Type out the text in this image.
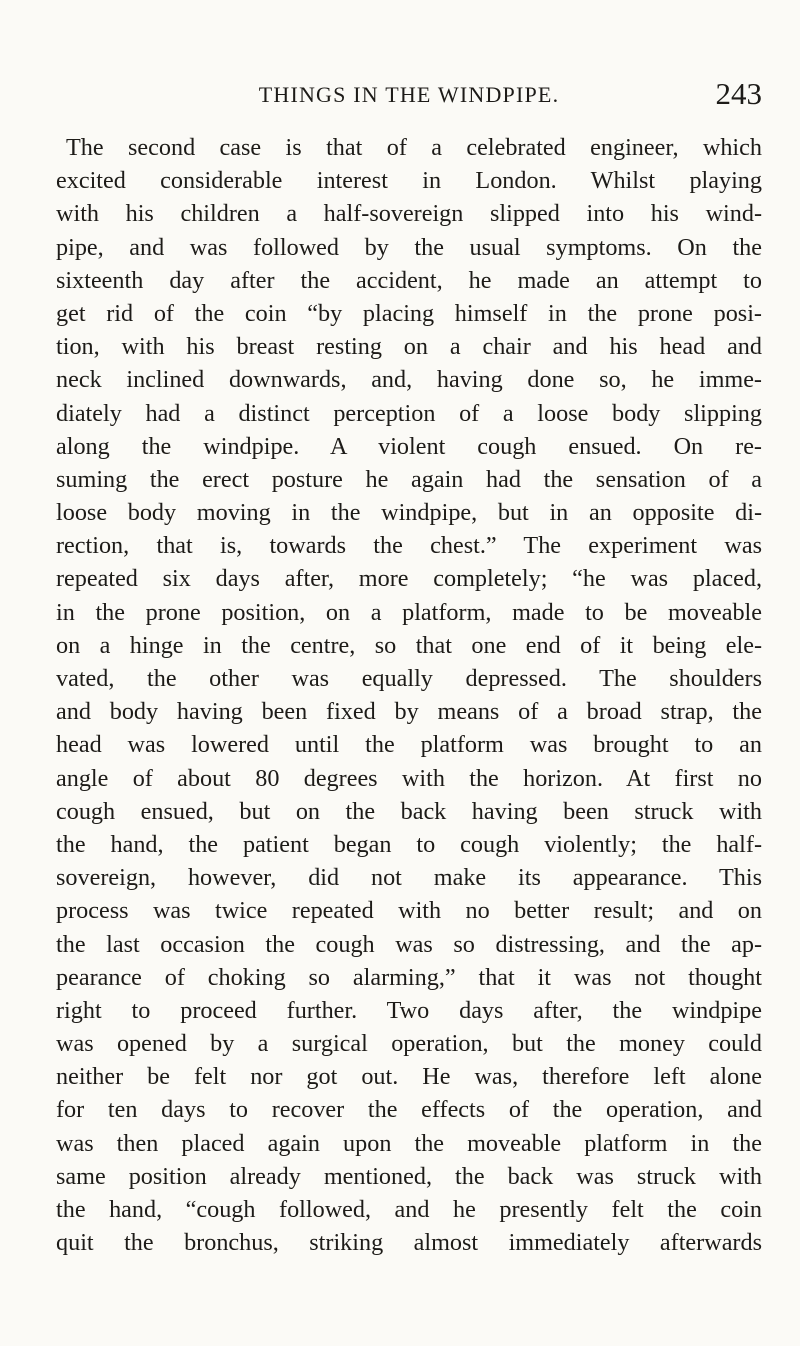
THINGS IN THE WINDPIPE.	243
The second case is that of a celebrated engineer, which
excited considerable interest in London. Whilst playing
with his children a half-sovereign slipped into his wind-
pipe, and was followed by the usual symptoms. On the
sixteenth day after the accident, he made an attempt to
get rid of the coin “by placing himself in the prone posi-
tion, with his breast resting on a chair and his head and
neck inclined downwards, and, having done so, he imme-
diately had a distinct perception of a loose body slipping
along the windpipe. A violent cough ensued. On re-
suming the erect posture he again had the sensation of a
loose body moving in the windpipe, but in an opposite di-
rection, that is, towards the chest.” The experiment was
repeated six days after, more completely; “he was placed,
in the prone position, on a platform, made to be moveable
on a hinge in the centre, so that one end of it being ele-
vated, the other was equally depressed. The shoulders
and body having been fixed by means of a broad strap, the
head was lowered until the platform was brought to an
angle of about 80 degrees with the horizon. At first no
cough ensued, but on the back having been struck with
the hand, the patient began to cough violently; the half-
sovereign, however, did not make its appearance. This
process was twice repeated with no better result; and on
the last occasion the cough was so distressing, and the ap-
pearance of choking so alarming,” that it was not thought
right to proceed further. Two days after, the windpipe
was opened by a surgical operation, but the money could
neither be felt nor got out. He was, therefore left alone
for ten days to recover the effects of the operation, and
was then placed again upon the moveable platform in the
same position already mentioned, the back was struck with
the hand, “cough followed, and he presently felt the coin
quit the bronchus, striking almost immediately afterwards
